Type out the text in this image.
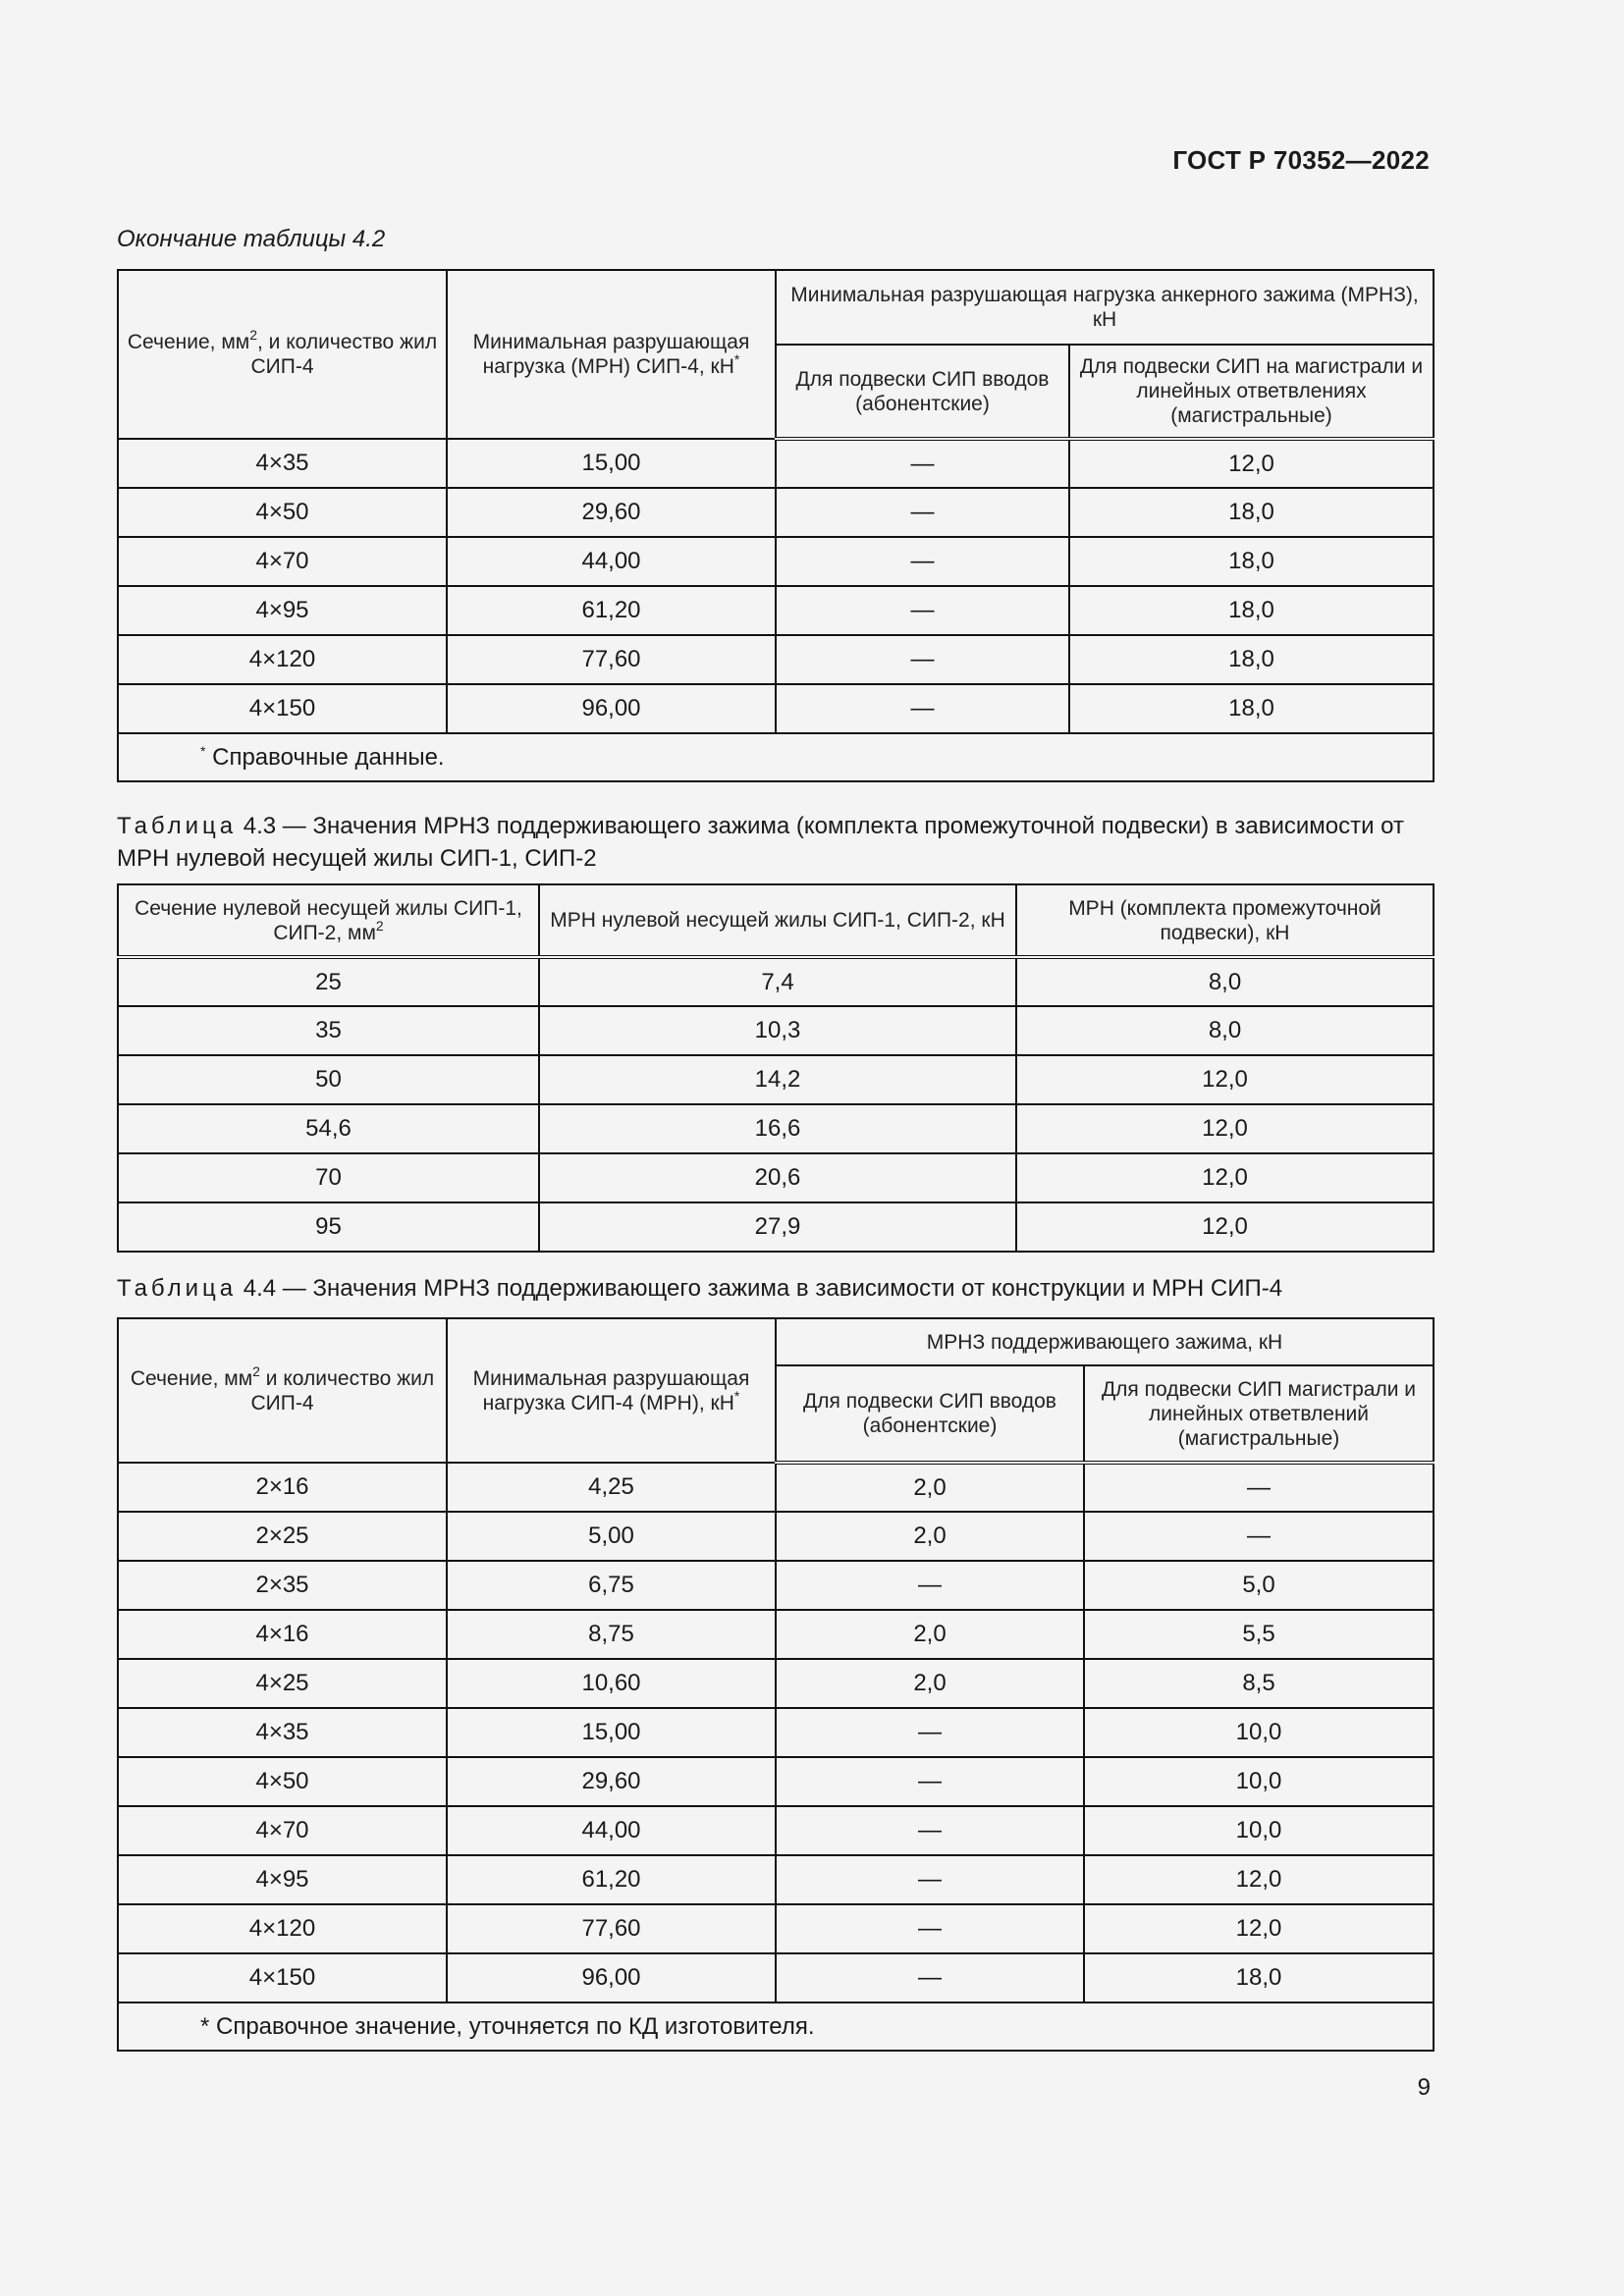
ГОСТ Р 70352—2022
Окончание таблицы 4.2
Сечение, $мм^2$, и количество жил СИП-4	Минимальная разрушающая нагрузка (МРН) СИП-4, кН*	Минимальная разрушающая нагрузка анкерного зажима (МРНЗ), кН	
		Для подвески СИП вводов (абонентские)	Для подвески СИП на магистрали и линейных ответвлениях (магистральные)
4×35	15,00	—	12,0
4×50	29,60	—	18,0
4×70	44,00	—	18,0
4×95	61,20	—	18,0
4×120	77,60	—	18,0
4×150	96,00	—	18,0
* Справочные данные.			
Таблица 4.3 — Значения МРНЗ поддерживающего зажима (комплекта промежуточной подвески) в зависимости от МРН нулевой несущей жилы СИП-1, СИП-2
Сечение нулевой несущей жилы СИП-1, СИП-2, $мм^2$	МРН нулевой несущей жилы СИП-1, СИП-2, кН	МРН (комплекта промежуточной подвески), кН
25	7,4	8,0
35	10,3	8,0
50	14,2	12,0
54,6	16,6	12,0
70	20,6	12,0
95	27,9	12,0
Таблица 4.4 — Значения МРНЗ поддерживающего зажима в зависимости от конструкции и МРН СИП-4
Сечение, $мм^2$ и количество жил СИП-4	Минимальная разрушающая нагрузка СИП-4 (МРН), кН*	МРНЗ поддерживающего зажима, кН	
		Для подвески СИП вводов (абонентские)	Для подвески СИП магистрали и линейных ответвлений (магистральные)
2×16	4,25	2,0	—
2×25	5,00	2,0	—
2×35	6,75	—	5,0
4×16	8,75	2,0	5,5
4×25	10,60	2,0	8,5
4×35	15,00	—	10,0
4×50	29,60	—	10,0
4×70	44,00	—	10,0
4×95	61,20	—	12,0
4×120	77,60	—	12,0
4×150	96,00	—	18,0
* Справочное значение, уточняется по КД изготовителя.			
9
